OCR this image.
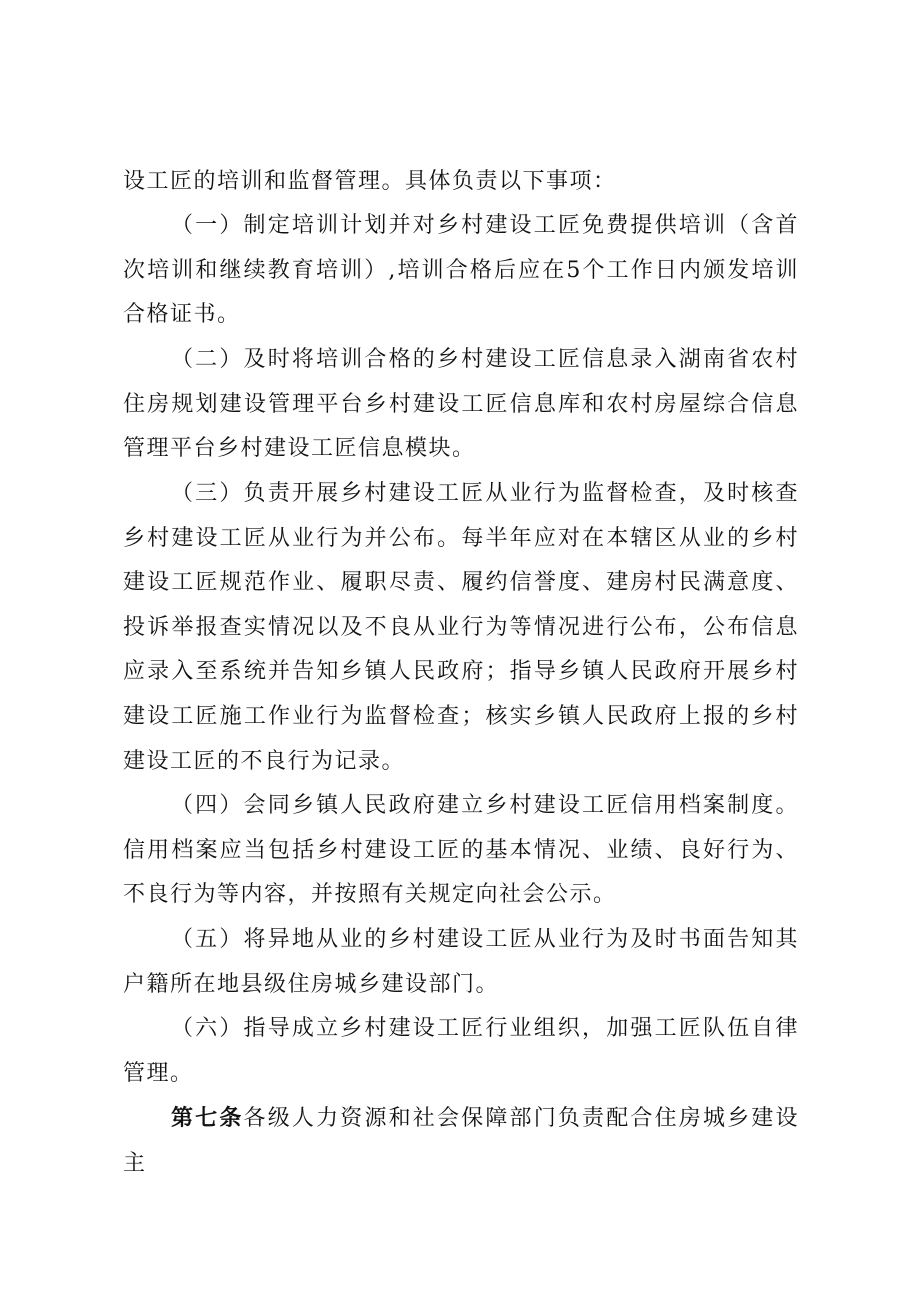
设工匠的培训和监督管理。具体负责以下事项：

（一）制定培训计划并对乡村建设工匠免费提供培训（含首次培训和继续教育培训）,培训合格后应在5个工作日内颁发培训合格证书。

（二）及时将培训合格的乡村建设工匠信息录入湖南省农村住房规划建设管理平台乡村建设工匠信息库和农村房屋综合信息管理平台乡村建设工匠信息模块。

（三）负责开展乡村建设工匠从业行为监督检查，及时核查乡村建设工匠从业行为并公布。每半年应对在本辖区从业的乡村建设工匠规范作业、履职尽责、履约信誉度、建房村民满意度、投诉举报查实情况以及不良从业行为等情况进行公布，公布信息应录入至系统并告知乡镇人民政府；指导乡镇人民政府开展乡村建设工匠施工作业行为监督检查；核实乡镇人民政府上报的乡村建设工匠的不良行为记录。

（四）会同乡镇人民政府建立乡村建设工匠信用档案制度。信用档案应当包括乡村建设工匠的基本情况、业绩、良好行为、不良行为等内容，并按照有关规定向社会公示。

（五）将异地从业的乡村建设工匠从业行为及时书面告知其户籍所在地县级住房城乡建设部门。

（六）指导成立乡村建设工匠行业组织，加强工匠队伍自律管理。

第七条各级人力资源和社会保障部门负责配合住房城乡建设主
